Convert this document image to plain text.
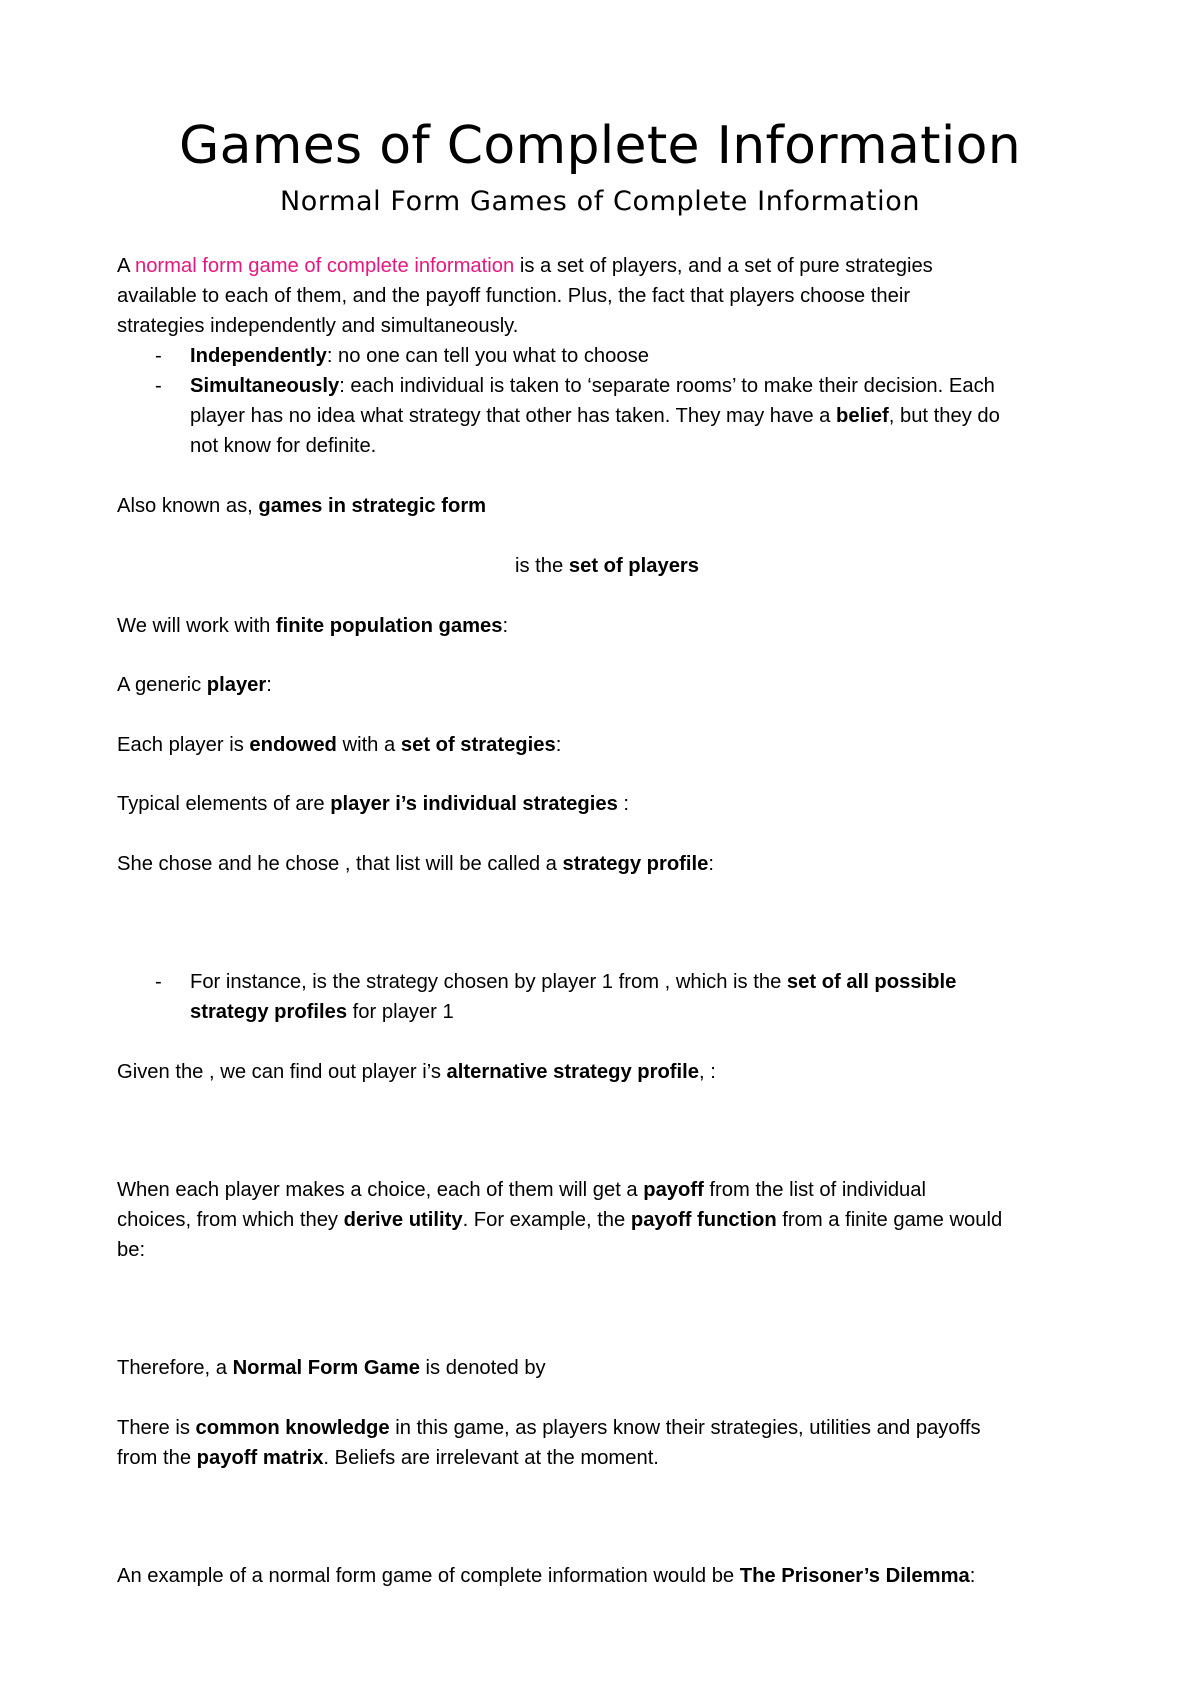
Games of Complete Information
Normal Form Games of Complete Information
A normal form game of complete information is a set of players, and a set of pure strategies
available to each of them, and the payoff function. Plus, the fact that players choose their
strategies independently and simultaneously.
- Independently: no one can tell you what to choose
- Simultaneously: each individual is taken to ‘separate rooms’ to make their decision. Each
player has no idea what strategy that other has taken. They may have a belief, but they do
not know for definite.
Also known as, games in strategic form
is the set of players
We will work with finite population games:
A generic player:
Each player is endowed with a set of strategies:
Typical elements of are player i’s individual strategies :
She chose and he chose , that list will be called a strategy profile:
- For instance, is the strategy chosen by player 1 from , which is the set of all possible
strategy profiles for player 1
Given the , we can find out player i’s alternative strategy profile, :
When each player makes a choice, each of them will get a payoff from the list of individual
choices, from which they derive utility. For example, the payoff function from a finite game would
be:
Therefore, a Normal Form Game is denoted by
There is common knowledge in this game, as players know their strategies, utilities and payoffs
from the payoff matrix. Beliefs are irrelevant at the moment.
An example of a normal form game of complete information would be The Prisoner’s Dilemma:
